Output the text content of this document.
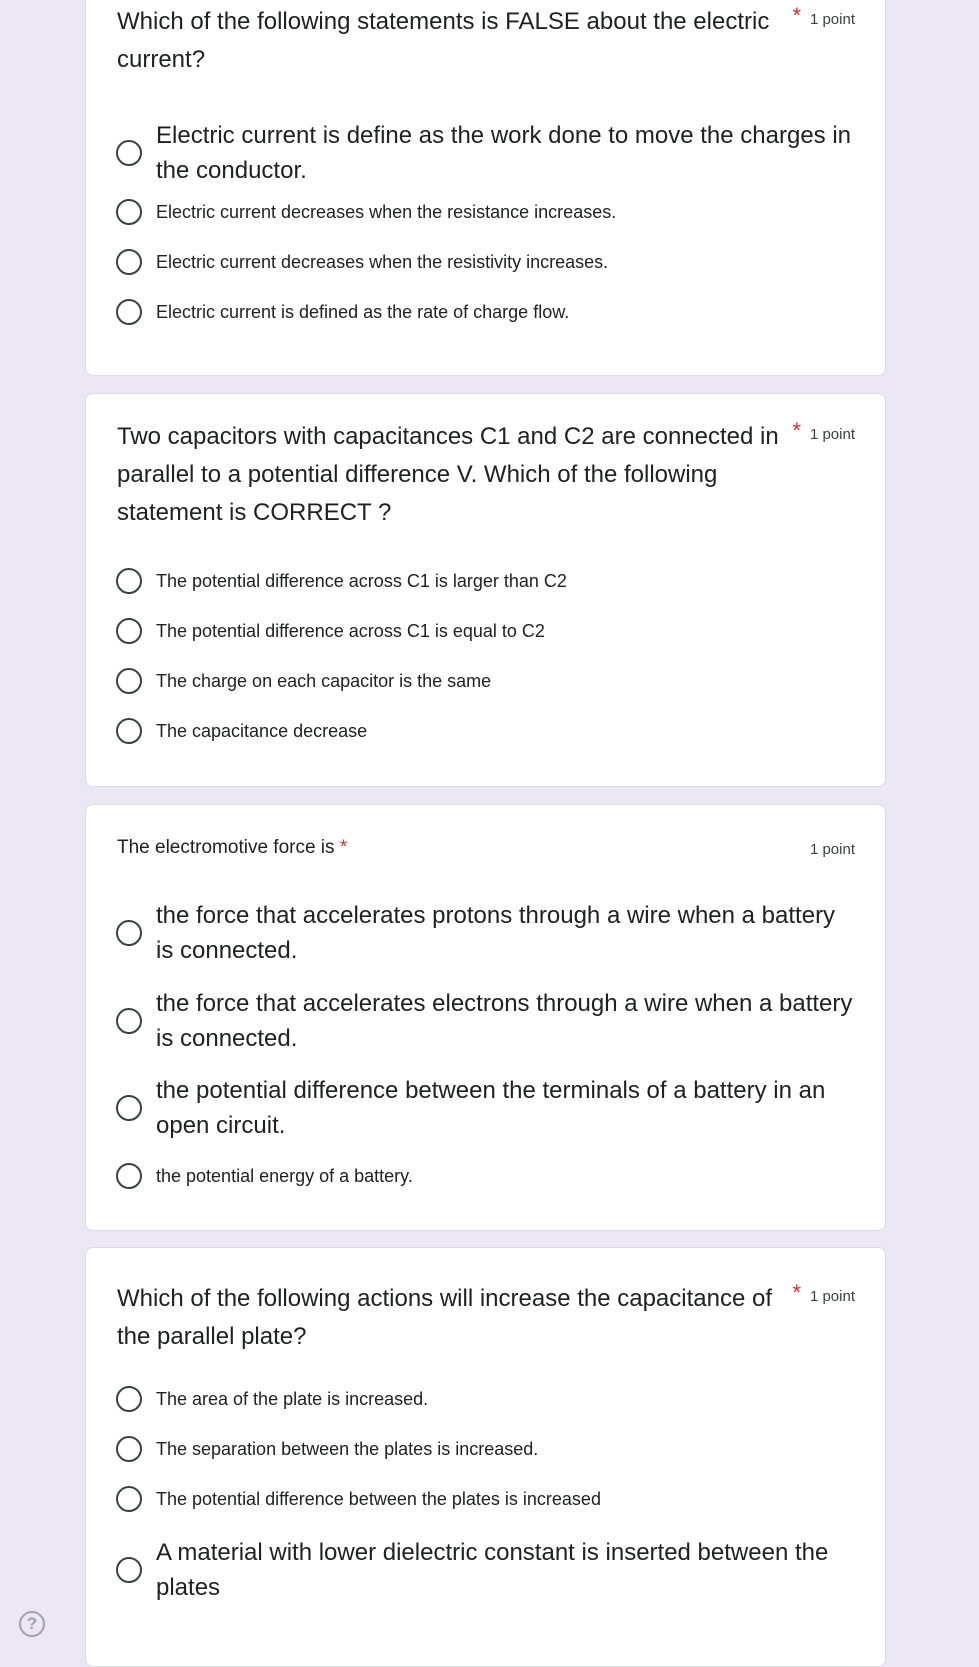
Which of the following statements is FALSE about the electric current?

* 1 point
Electric current is define as the work done to move the charges in the conductor.
Electric current decreases when the resistance increases.
Electric current decreases when the resistivity increases.
Electric current is defined as the rate of charge flow.

Two capacitors with capacitances C1 and C2 are connected in parallel to a potential difference V. Which of the following statement is CORRECT ?

* 1 point
The potential difference across C1 is larger than C2
The potential difference across C1 is equal to C2
The charge on each capacitor is the same
The capacitance decrease

The electromotive force is *	1 point
the force that accelerates protons through a wire when a battery is connected.
the force that accelerates electrons through a wire when a battery is connected.
the potential difference between the terminals of a battery in an open circuit.
the potential energy of a battery.

Which of the following actions will increase the capacitance of the parallel plate?

* 1 point
The area of the plate is increased.
The separation between the plates is increased.
The potential difference between the plates is increased
A material with lower dielectric constant is inserted between the plates
?
